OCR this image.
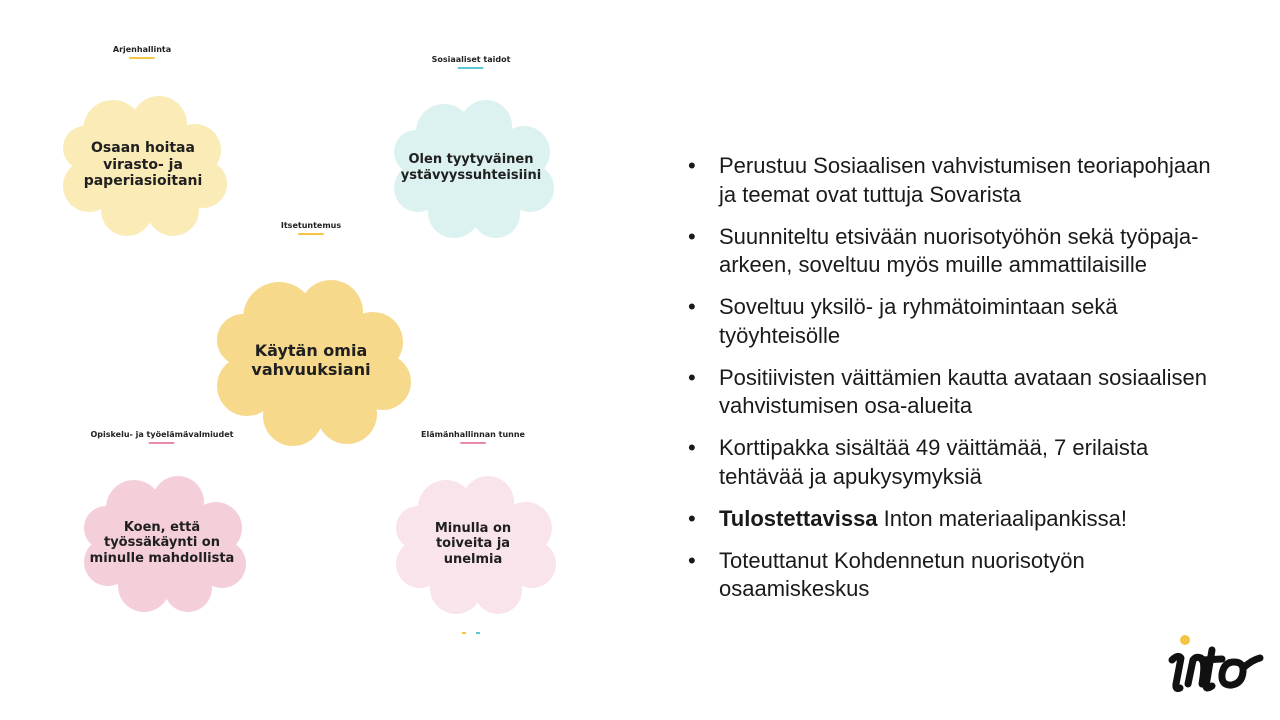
Arjenhallinta
Osaan hoitaa
virasto- ja
paperiasioitani
Sosiaaliset taidot
Olen tyytyväinen
ystävyyssuhteisiini
Itsetuntemus
Käytän omia
vahvuuksiani
Opiskelu- ja työelämävalmiudet
Koen, että
työssäkäynti on
minulle mahdollista
Elämänhallinnan tunne
Minulla on
toiveita ja
unelmia
• Perustuu Sosiaalisen vahvistumisen teoriapohjaan ja teemat ovat tuttuja Sovarista
• Suunniteltu etsivään nuorisotyöhön sekä työpaja-arkeen, soveltuu myös muille ammattilaisille
• Soveltuu yksilö- ja ryhmätoimintaan sekä työyhteisölle
• Positiivisten väittämien kautta avataan sosiaalisen vahvistumisen osa-alueita
• Korttipakka sisältää 49 väittämää, 7 erilaista tehtävää ja apukysymyksiä
• Tulostettavissa Inton materiaalipankissa!
• Toteuttanut Kohdennetun nuorisotyön osaamiskeskus
